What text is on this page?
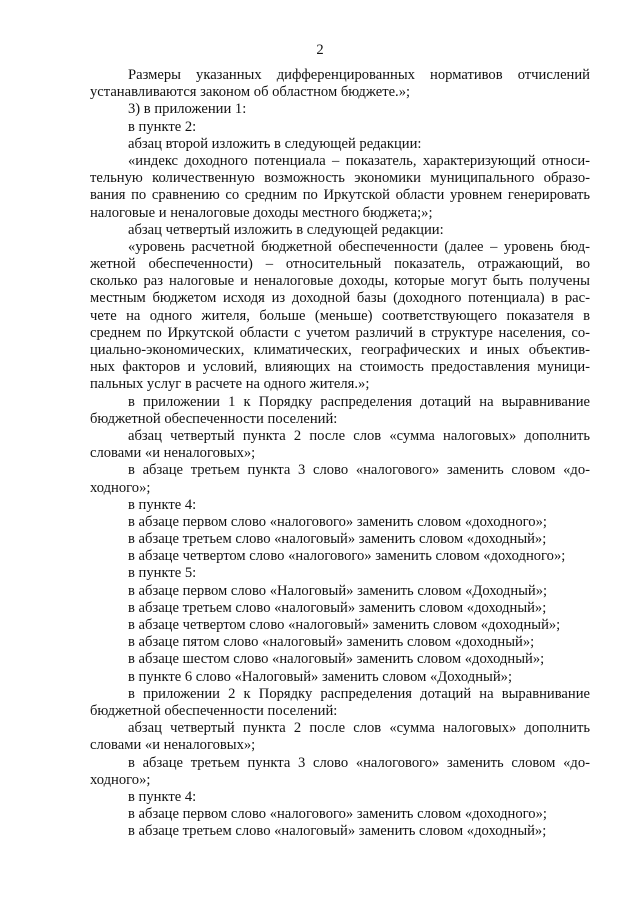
2
Размеры указанных дифференцированных нормативов отчислений
устанавливаются законом об областном бюджете.»;
3) в приложении 1:
в пункте 2:
абзац второй изложить в следующей редакции:
«индекс доходного потенциала – показатель, характеризующий относи-
тельную количественную возможность экономики муниципального образо-
вания по сравнению со средним по Иркутской области уровнем генерировать
налоговые и неналоговые доходы местного бюджета;»;
абзац четвертый изложить в следующей редакции:
«уровень расчетной бюджетной обеспеченности (далее – уровень бюд-
жетной обеспеченности) – относительный показатель, отражающий, во
сколько раз налоговые и неналоговые доходы, которые могут быть получены
местным бюджетом исходя из доходной базы (доходного потенциала) в рас-
чете на одного жителя, больше (меньше) соответствующего показателя в
среднем по Иркутской области с учетом различий в структуре населения, со-
циально-экономических, климатических, географических и иных объектив-
ных факторов и условий, влияющих на стоимость предоставления муници-
пальных услуг в расчете на одного жителя.»;
в приложении 1 к Порядку распределения дотаций на выравнивание
бюджетной обеспеченности поселений:
абзац четвертый пункта 2 после слов «сумма налоговых» дополнить
словами «и неналоговых»;
в абзаце третьем пункта 3 слово «налогового» заменить словом «до-
ходного»;
в пункте 4:
в абзаце первом слово «налогового» заменить словом «доходного»;
в абзаце третьем слово «налоговый» заменить словом «доходный»;
в абзаце четвертом слово «налогового» заменить словом «доходного»;
в пункте 5:
в абзаце первом слово «Налоговый» заменить словом «Доходный»;
в абзаце третьем слово «налоговый» заменить словом «доходный»;
в абзаце четвертом слово «налоговый» заменить словом «доходный»;
в абзаце пятом слово «налоговый» заменить словом «доходный»;
в абзаце шестом слово «налоговый» заменить словом «доходный»;
в пункте 6 слово «Налоговый» заменить словом «Доходный»;
в приложении 2 к Порядку распределения дотаций на выравнивание
бюджетной обеспеченности поселений:
абзац четвертый пункта 2 после слов «сумма налоговых» дополнить
словами «и неналоговых»;
в абзаце третьем пункта 3 слово «налогового» заменить словом «до-
ходного»;
в пункте 4:
в абзаце первом слово «налогового» заменить словом «доходного»;
в абзаце третьем слово «налоговый» заменить словом «доходный»;
